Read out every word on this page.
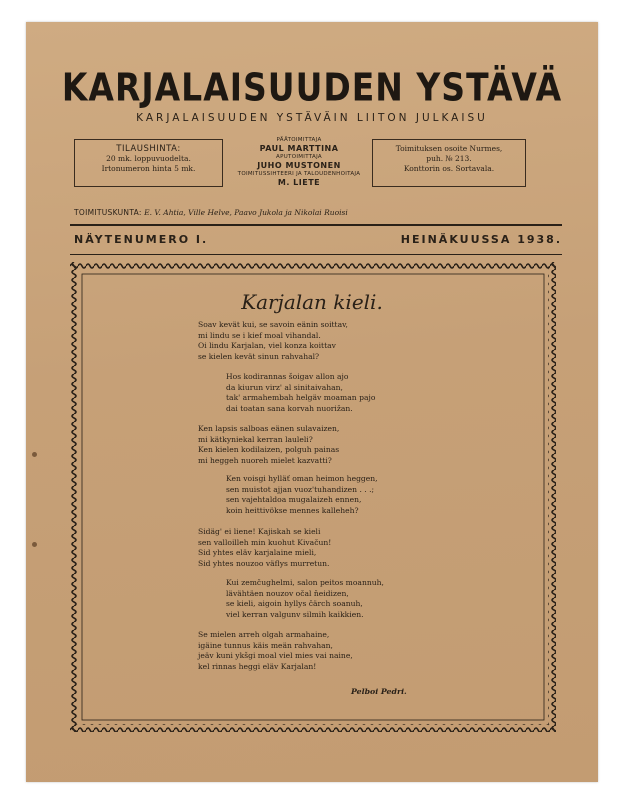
KARJALAISUUDEN YSTÄVÄ
KARJALAISUUDEN YSTÄVÄIN LIITON JULKAISU
TILAUSHINTA:
20 mk. loppuvuodelta.
Irtonumeron hinta 5 mk.
PÄÄTOIMITTAJA
PAUL MARTTINA
APUTOIMITTAJA
JUHO MUSTONEN
TOIMITUSSIHTEERI JA TALOUDENHOITAJA
M. LIETE
Toimituksen osoite Nurmes,
puh. № 213.
Konttorin os. Sortavala.
TOIMITUSKUNTA: E. V. Ahtia, Ville Helve, Paavo Jukola ja Nikolai Ruoisi
NÄYTENUMERO I.	HEINÄKUUSSA 1938.
Karjalan kieli.
Soav kevät kui, se savoin eänin soittav,
mi lindu se i kief moal vihandal.
Oi lindu Karjalan, viel konza koittav
se kielen kevät sinun rahvahal?
Hos kodirannas šoigav allon ajo
da kiurun virz' al sinitaivahan,
tak' armahembah helgäv moaman pajo
dai toatan sana korvah nuorižan.
Ken lapsis salboas eänen sulavaizen,
mi kätkyniekal kerran lauleli?
Ken kielen kodilaizen, polguh painas
mi heggeh nuoreh mielet kazvatti?
Ken voisgi hylläť oman heimon heggen,
sen muistot ajjan vuoz'tuhandizen . . .;
sen vajehtaldoa mugalaizeh ennen,
koin heittivökse mennes kalleheh?
Sidäg' ei liene! Kajiskah se kieli
sen valloilleh min kuohut Kivačun!
Sid yhtes eläv karjalaine mieli,
Sid yhtes nouzoo väflys murretun.
Kui zemčughelmi, salon peitos moannuh,
lävähtäen nouzov očal ňeidizen,
se kieli, aigoin hyllys čärch soanuh,
viel kerran valgunv silmih kaikkien.
Se mielen arreh olgah armahaine,
igäine tunnus käis meän rahvahan,
jeäv kuni ykšgi moal viel mies vai naine,
kel rinnas heggi eläv Karjalan!
Pelboi Pedri.
